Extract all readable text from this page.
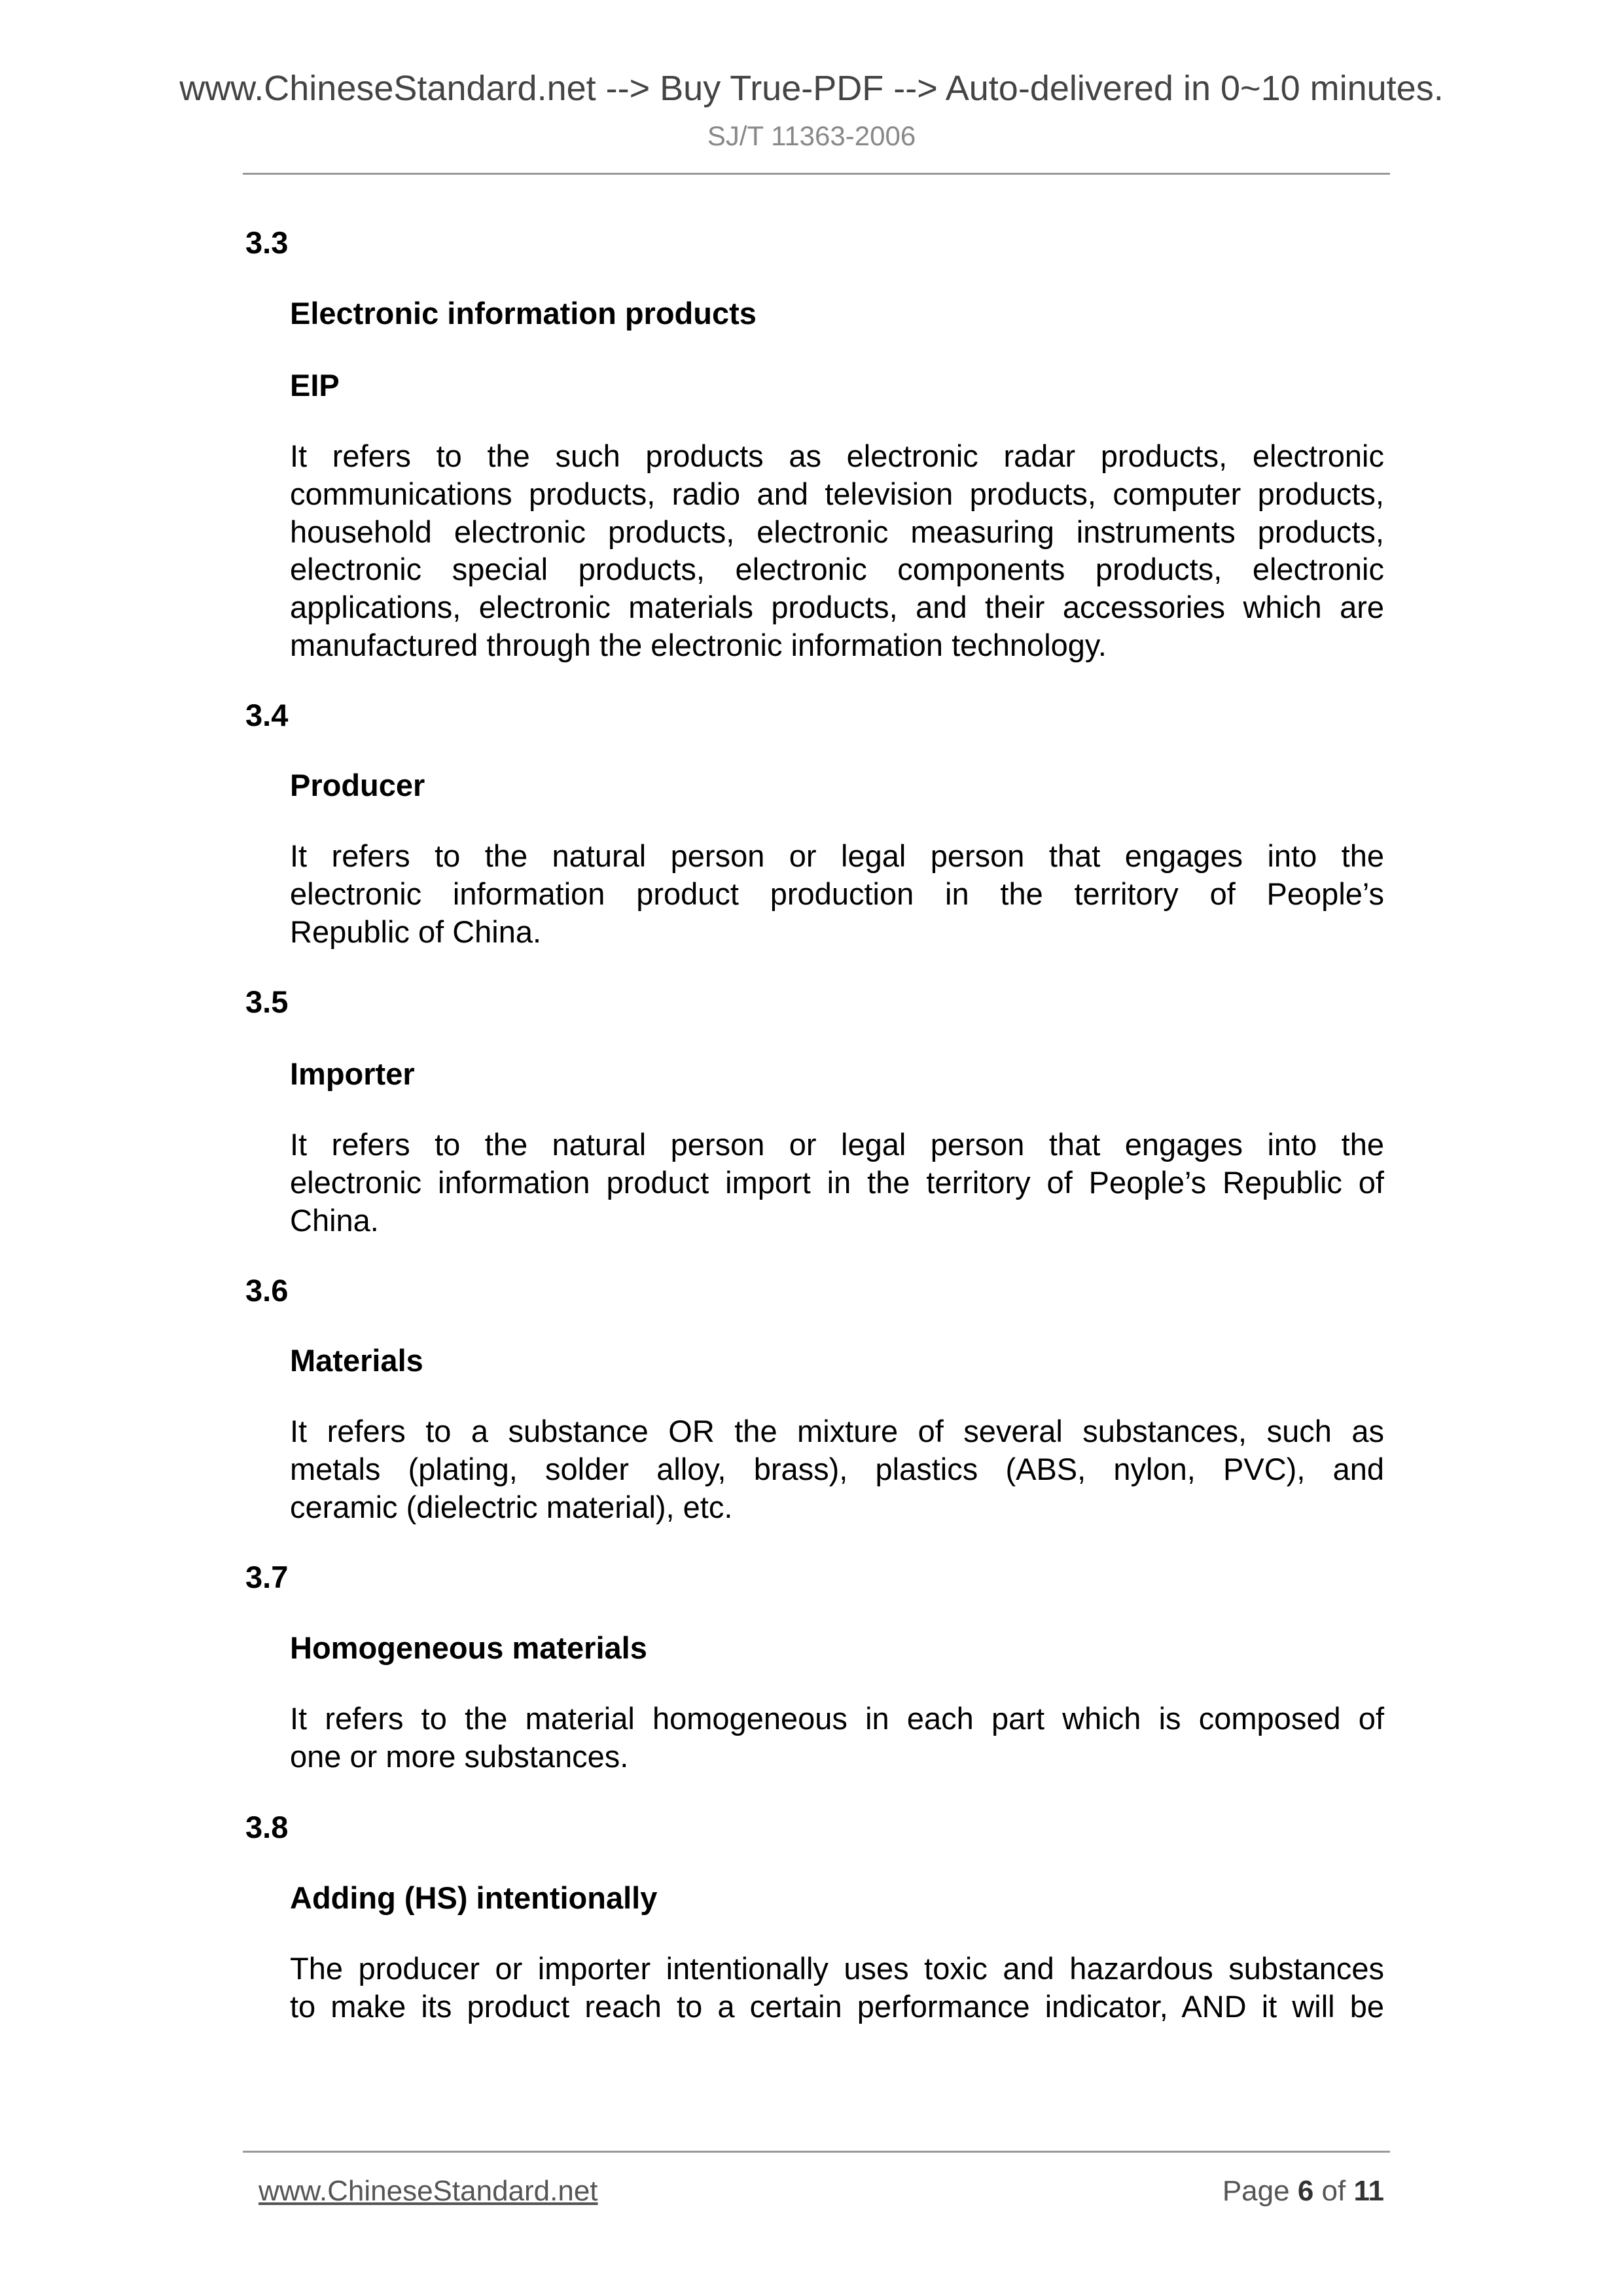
www.ChineseStandard.net --> Buy True-PDF --> Auto-delivered in 0~10 minutes.
SJ/T 11363-2006
3.3
Electronic information products
EIP
It refers to the such products as electronic radar products, electronic
communications products, radio and television products, computer products,
household electronic products, electronic measuring instruments products,
electronic special products, electronic components products, electronic
applications, electronic materials products, and their accessories which are
manufactured through the electronic information technology.
3.4
Producer
It refers to the natural person or legal person that engages into the
electronic information product production in the territory of People’s
Republic of China.
3.5
Importer
It refers to the natural person or legal person that engages into the
electronic information product import in the territory of People’s Republic of
China.
3.6
Materials
It refers to a substance OR the mixture of several substances, such as
metals (plating, solder alloy, brass), plastics (ABS, nylon, PVC), and
ceramic (dielectric material), etc.
3.7
Homogeneous materials
It refers to the material homogeneous in each part which is composed of
one or more substances.
3.8
Adding (HS) intentionally
The producer or importer intentionally uses toxic and hazardous substances
to make its product reach to a certain performance indicator, AND it will be
www.ChineseStandard.net	Page 6 of 11
